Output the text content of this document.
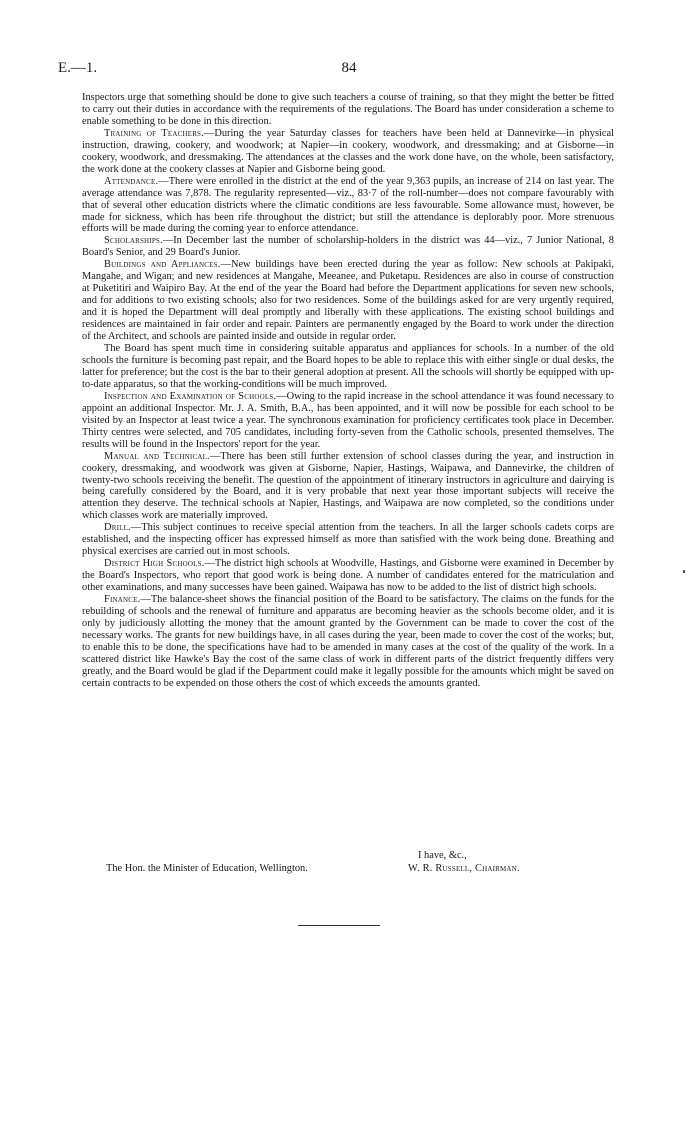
E.—1.	84

Inspectors urge that something should be done to give such teachers a course of training, so that they might the better be fitted to carry out their duties in accordance with the requirements of the regulations. The Board has under consideration a scheme to enable something to be done in this direction.

Training of Teachers.—During the year Saturday classes for teachers have been held at Dannevirke—in physical instruction, drawing, cookery, and woodwork; at Napier—in cookery, woodwork, and dressmaking; and at Gisborne—in cookery, woodwork, and dressmaking. The attendances at the classes and the work done have, on the whole, been satisfactory, the work done at the cookery classes at Napier and Gisborne being good.

Attendance.—There were enrolled in the district at the end of the year 9,363 pupils, an increase of 214 on last year. The average attendance was 7,878. The regularity represented—viz., 83·7 of the roll-number—does not compare favourably with that of several other education districts where the climatic conditions are less favourable. Some allowance must, however, be made for sickness, which has been rife throughout the district; but still the attendance is deplorably poor. More strenuous efforts will be made during the coming year to enforce attendance.

Scholarships.—In December last the number of scholarship-holders in the district was 44—viz., 7 Junior National, 8 Board's Senior, and 29 Board's Junior.

Buildings and Appliances.—New buildings have been erected during the year as follow: New schools at Pakipaki, Mangahe, and Wigan; and new residences at Mangahe, Meeanee, and Puketapu. Residences are also in course of construction at Puketitiri and Waipiro Bay. At the end of the year the Board had before the Department applications for seven new schools, and for additions to two existing schools; also for two residences. Some of the buildings asked for are very urgently required, and it is hoped the Department will deal promptly and liberally with these applications. The existing school buildings and residences are maintained in fair order and repair. Painters are permanently engaged by the Board to work under the direction of the Architect, and schools are painted inside and outside in regular order.

The Board has spent much time in considering suitable apparatus and appliances for schools. In a number of the old schools the furniture is becoming past repair, and the Board hopes to be able to replace this with either single or dual desks, the latter for preference; but the cost is the bar to their general adoption at present. All the schools will shortly be equipped with up-to-date apparatus, so that the working-conditions will be much improved.

Inspection and Examination of Schools.—Owing to the rapid increase in the school attendance it was found necessary to appoint an additional Inspector. Mr. J. A. Smith, B.A., has been appointed, and it will now be possible for each school to be visited by an Inspector at least twice a year. The synchronous examination for proficiency certificates took place in December. Thirty centres were selected, and 705 candidates, including forty-seven from the Catholic schools, presented themselves. The results will be found in the Inspectors' report for the year.

Manual and Technical.—There has been still further extension of school classes during the year, and instruction in cookery, dressmaking, and woodwork was given at Gisborne, Napier, Hastings, Waipawa, and Dannevirke, the children of twenty-two schools receiving the benefit. The question of the appointment of itinerary instructors in agriculture and dairying is being carefully considered by the Board, and it is very probable that next year those important subjects will receive the attention they deserve. The technical schools at Napier, Hastings, and Waipawa are now completed, so the conditions under which classes work are materially improved.

Drill.—This subject continues to receive special attention from the teachers. In all the larger schools cadets corps are established, and the inspecting officer has expressed himself as more than satisfied with the work being done. Breathing and physical exercises are carried out in most schools.

District High Schools.—The district high schools at Woodville, Hastings, and Gisborne were examined in December by the Board's Inspectors, who report that good work is being done. A number of candidates entered for the matriculation and other examinations, and many successes have been gained. Waipawa has now to be added to the list of district high schools.

Finance.—The balance-sheet shows the financial position of the Board to be satisfactory. The claims on the funds for the rebuilding of schools and the renewal of furniture and apparatus are becoming heavier as the schools become older, and it is only by judiciously allotting the money that the amount granted by the Government can be made to cover the cost of the necessary works. The grants for new buildings have, in all cases during the year, been made to cover the cost of the works; but, to enable this to be done, the specifications have had to be amended in many cases at the cost of the quality of the work. In a scattered district like Hawke's Bay the cost of the same class of work in different parts of the district frequently differs very greatly, and the Board would be glad if the Department could make it legally possible for the amounts which might be saved on certain contracts to be expended on those others the cost of which exceeds the amounts granted.

I have, &c.,
The Hon. the Minister of Education, Wellington.	W. R. Russell, Chairman.
